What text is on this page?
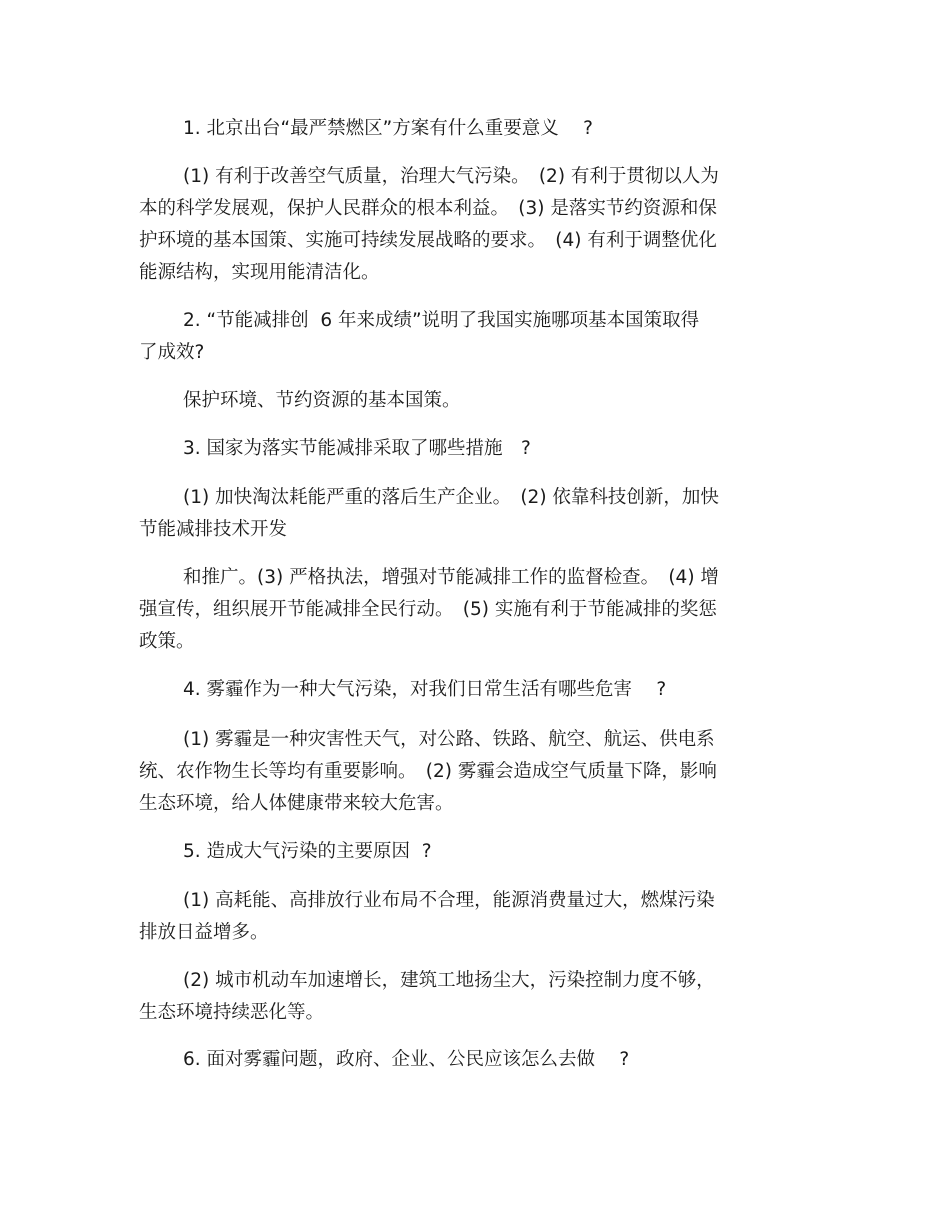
1. 北京出台“最严禁燃区”方案有什么重要意义　 ?

(1) 有利于改善空气质量，治理大气污染。　(2) 有利于贯彻以人为
本的科学发展观，保护人民群众的根本利益。　(3) 是落实节约资源和保
护环境的基本国策、实施可持续发展战略的要求。　(4) 有利于调整优化
能源结构，实现用能清洁化。

2. “节能减排创  6 年来成绩”说明了我国实施哪项基本国策取得
了成效?

保护环境、节约资源的基本国策。

3. 国家为落实节能减排采取了哪些措施　?

(1) 加快淘汰耗能严重的落后生产企业。　(2) 依靠科技创新，加快
节能减排技术开发

和推广。(3) 严格执法，增强对节能减排工作的监督检查。　(4) 增
强宣传，组织展开节能减排全民行动。　(5) 实施有利于节能减排的奖惩
政策。

4. 雾霾作为一种大气污染，对我们日常生活有哪些危害　 ?

(1) 雾霾是一种灾害性天气，对公路、铁路、航空、航运、供电系
统、农作物生长等均有重要影响。　(2) 雾霾会造成空气质量下降，影响
生态环境，给人体健康带来较大危害。

5. 造成大气污染的主要原因  ?

(1) 高耗能、高排放行业布局不合理，能源消费量过大，燃煤污染
排放日益增多。

(2) 城市机动车加速增长，建筑工地扬尘大，污染控制力度不够，
生态环境持续恶化等。

6. 面对雾霾问题，政府、企业、公民应该怎么去做　 ?
